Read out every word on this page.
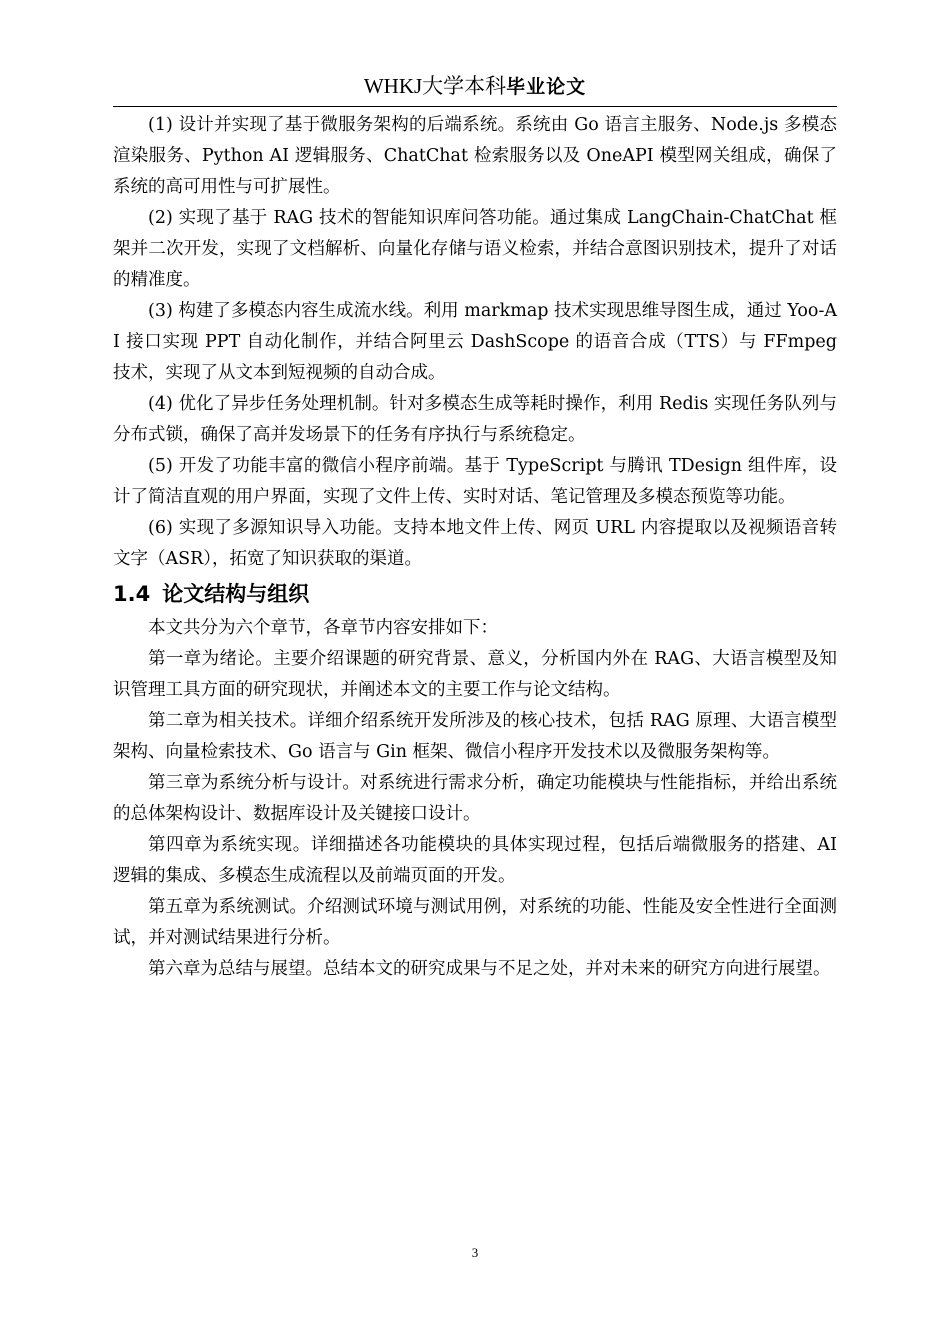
WHKJ大学本科毕业论文

(1) 设计并实现了基于微服务架构的后端系统。系统由 Go 语言主服务、Node.js 多模态渲染服务、Python AI 逻辑服务、ChatChat 检索服务以及 OneAPI 模型网关组成，确保了系统的高可用性与可扩展性。

(2) 实现了基于 RAG 技术的智能知识库问答功能。通过集成 LangChain-ChatChat 框架并二次开发，实现了文档解析、向量化存储与语义检索，并结合意图识别技术，提升了对话的精准度。

(3) 构建了多模态内容生成流水线。利用 markmap 技术实现思维导图生成，通过 Yoo-AI 接口实现 PPT 自动化制作，并结合阿里云 DashScope 的语音合成（TTS）与 FFmpeg 技术，实现了从文本到短视频的自动合成。

(4) 优化了异步任务处理机制。针对多模态生成等耗时操作，利用 Redis 实现任务队列与分布式锁，确保了高并发场景下的任务有序执行与系统稳定。

(5) 开发了功能丰富的微信小程序前端。基于 TypeScript 与腾讯 TDesign 组件库，设计了简洁直观的用户界面，实现了文件上传、实时对话、笔记管理及多模态预览等功能。

(6) 实现了多源知识导入功能。支持本地文件上传、网页 URL 内容提取以及视频语音转文字（ASR），拓宽了知识获取的渠道。

1.4 论文结构与组织

本文共分为六个章节，各章节内容安排如下：

第一章为绪论。主要介绍课题的研究背景、意义，分析国内外在 RAG、大语言模型及知识管理工具方面的研究现状，并阐述本文的主要工作与论文结构。

第二章为相关技术。详细介绍系统开发所涉及的核心技术，包括 RAG 原理、大语言模型架构、向量检索技术、Go 语言与 Gin 框架、微信小程序开发技术以及微服务架构等。

第三章为系统分析与设计。对系统进行需求分析，确定功能模块与性能指标，并给出系统的总体架构设计、数据库设计及关键接口设计。

第四章为系统实现。详细描述各功能模块的具体实现过程，包括后端微服务的搭建、AI 逻辑的集成、多模态生成流程以及前端页面的开发。

第五章为系统测试。介绍测试环境与测试用例，对系统的功能、性能及安全性进行全面测试，并对测试结果进行分析。

第六章为总结与展望。总结本文的研究成果与不足之处，并对未来的研究方向进行展望。

3
